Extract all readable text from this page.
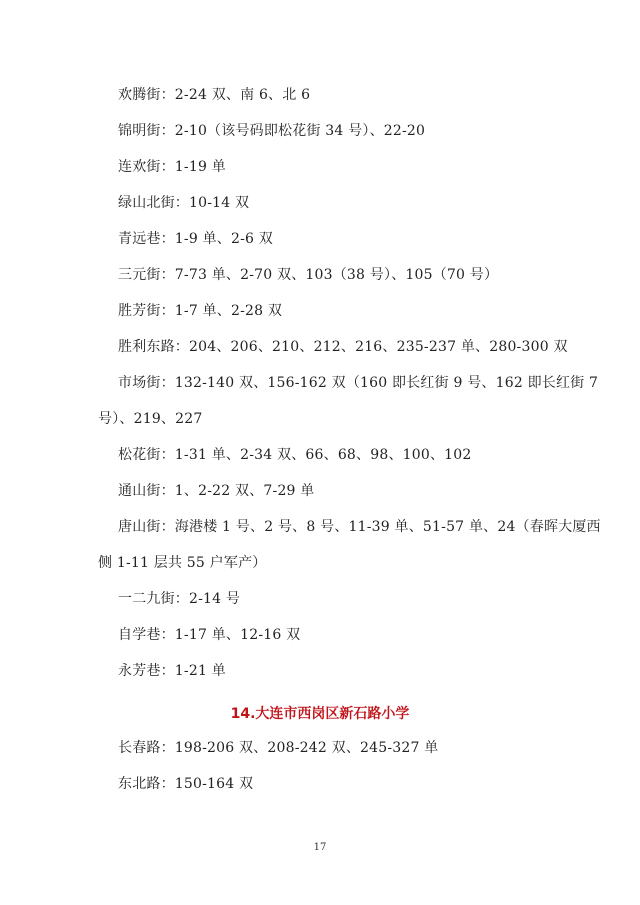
欢腾街：2-24 双、南 6、北 6
锦明街：2-10（该号码即松花街 34 号）、22-20
连欢街：1-19 单
绿山北街：10-14 双
青远巷：1-9 单、2-6 双
三元街：7-73 单、2-70 双、103（38 号）、105（70 号）
胜芳街：1-7 单、2-28 双
胜利东路：204、206、210、212、216、235-237 单、280-300 双
市场街：132-140 双、156-162 双（160 即长红街 9 号、162 即长红街 7
号）、219、227
松花街：1-31 单、2-34 双、66、68、98、100、102
通山街：1、2-22 双、7-29 单
唐山街：海港楼 1 号、2 号、8 号、11-39 单、51-57 单、24（春晖大厦西
侧 1-11 层共 55 户军产）
一二九街：2-14 号
自学巷：1-17 单、12-16 双
永芳巷：1-21 单
14.大连市西岗区新石路小学
长春路：198-206 双、208-242 双、245-327 单
东北路：150-164 双
17
